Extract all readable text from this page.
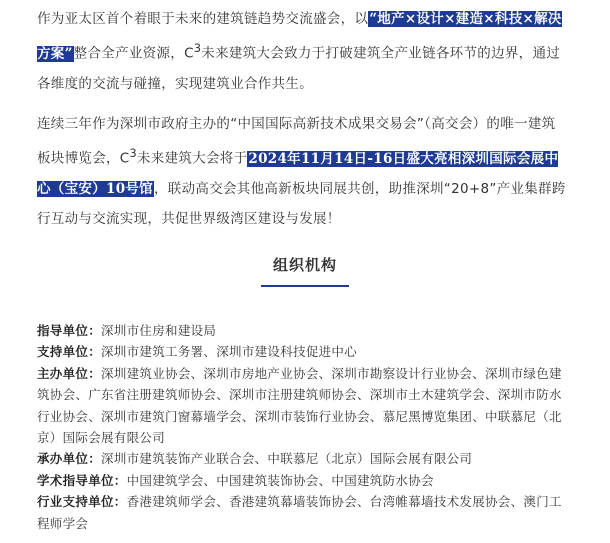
作为亚太区首个着眼于未来的建筑链趋势交流盛会，以“地产×设计×建造×科技×解决方案”整合全产业资源，$C^3$未来建筑大会致力于打破建筑全产业链各环节的边界，通过各维度的交流与碰撞，实现建筑业合作共生。
连续三年作为深圳市政府主办的“中国国际高新技术成果交易会”（高交会）的唯一建筑板块博览会，$C^3$未来建筑大会将于2024年11月14日-16日盛大亮相深圳国际会展中心（宝安）10号馆，联动高交会其他高新板块同展共创，助推深圳“20+8”产业集群跨行互动与交流实现，共促世界级湾区建设与发展！
组织机构

指导单位：深圳市住房和建设局

支持单位：深圳市建筑工务署、深圳市建设科技促进中心

主办单位：深圳建筑业协会、深圳市房地产业协会、深圳市勘察设计行业协会、深圳市绿色建筑协会、广东省注册建筑师协会、深圳市注册建筑师协会、深圳市土木建筑学会、深圳市防水行业协会、深圳市建筑门窗幕墙学会、深圳市装饰行业协会、慕尼黑博览集团、中联慕尼（北京）国际会展有限公司

承办单位：深圳市建筑装饰产业联合会、中联慕尼（北京）国际会展有限公司

学术指导单位：中国建筑学会、中国建筑装饰协会、中国建筑防水协会

行业支持单位：香港建筑师学会、香港建筑幕墙装饰协会、台湾帷幕墙技术发展协会、澳门工程师学会
